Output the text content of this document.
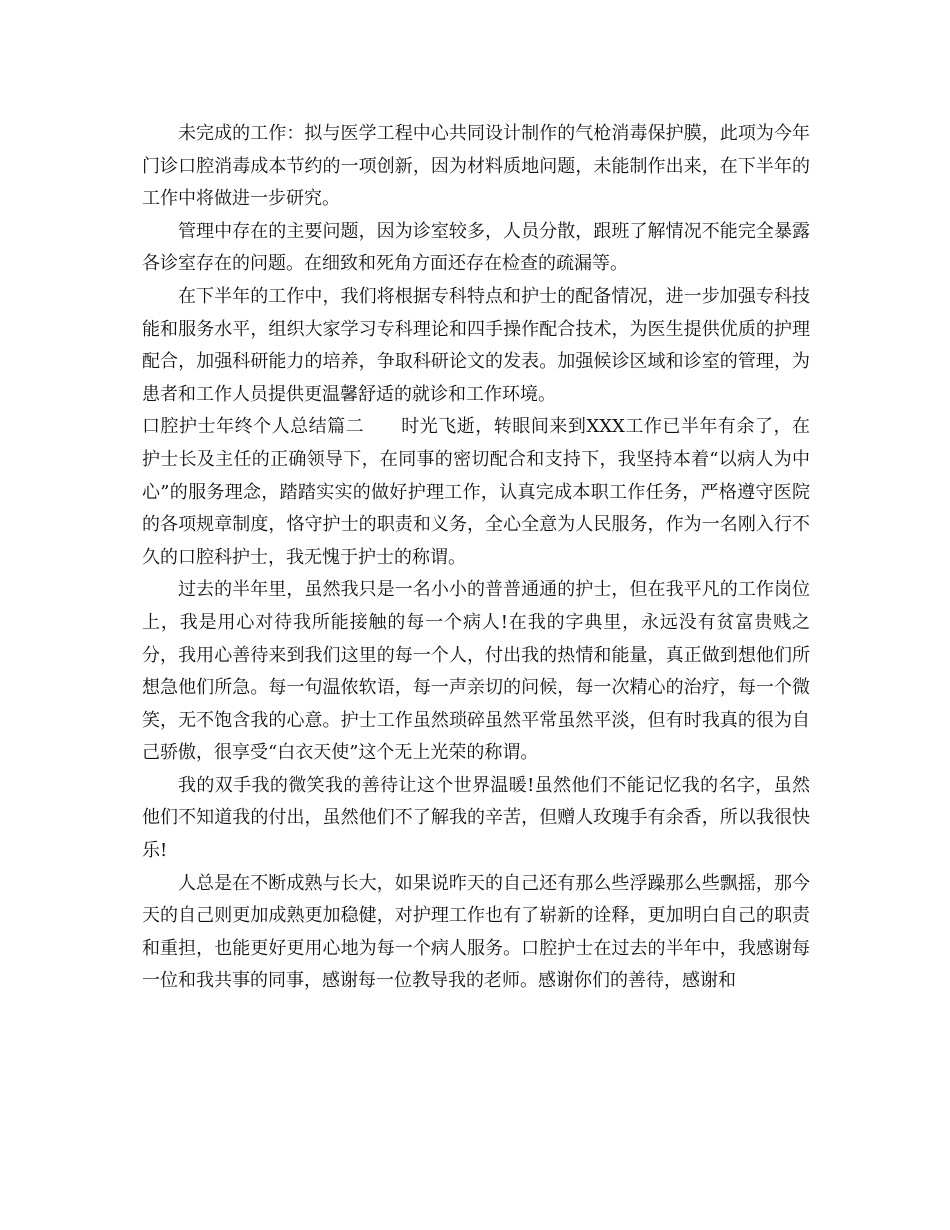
未完成的工作：拟与医学工程中心共同设计制作的气枪消毒保护膜，此项为今年门诊口腔消毒成本节约的一项创新，因为材料质地问题，未能制作出来，在下半年的工作中将做进一步研究。

管理中存在的主要问题，因为诊室较多，人员分散，跟班了解情况不能完全暴露各诊室存在的问题。在细致和死角方面还存在检查的疏漏等。

在下半年的工作中，我们将根据专科特点和护士的配备情况，进一步加强专科技能和服务水平，组织大家学习专科理论和四手操作配合技术，为医生提供优质的护理配合，加强科研能力的培养，争取科研论文的发表。加强候诊区域和诊室的管理，为患者和工作人员提供更温馨舒适的就诊和工作环境。

口腔护士年终个人总结篇二　　时光飞逝，转眼间来到XXX工作已半年有余了，在护士长及主任的正确领导下，在同事的密切配合和支持下，我坚持本着“以病人为中心”的服务理念，踏踏实实的做好护理工作，认真完成本职工作任务，严格遵守医院的各项规章制度，恪守护士的职责和义务，全心全意为人民服务，作为一名刚入行不久的口腔科护士，我无愧于护士的称谓。

过去的半年里，虽然我只是一名小小的普普通通的护士，但在我平凡的工作岗位上，我是用心对待我所能接触的每一个病人!在我的字典里，永远没有贫富贵贱之分，我用心善待来到我们这里的每一个人，付出我的热情和能量，真正做到想他们所想急他们所急。每一句温侬软语，每一声亲切的问候，每一次精心的治疗，每一个微笑，无不饱含我的心意。护士工作虽然琐碎虽然平常虽然平淡，但有时我真的很为自己骄傲，很享受“白衣天使”这个无上光荣的称谓。

我的双手我的微笑我的善待让这个世界温暖!虽然他们不能记忆我的名字，虽然他们不知道我的付出，虽然他们不了解我的辛苦，但赠人玫瑰手有余香，所以我很快乐!

人总是在不断成熟与长大，如果说昨天的自己还有那么些浮躁那么些飘摇，那今天的自己则更加成熟更加稳健，对护理工作也有了崭新的诠释，更加明白自己的职责和重担，也能更好更用心地为每一个病人服务。口腔护士在过去的半年中，我感谢每一位和我共事的同事，感谢每一位教导我的老师。感谢你们的善待，感谢和
